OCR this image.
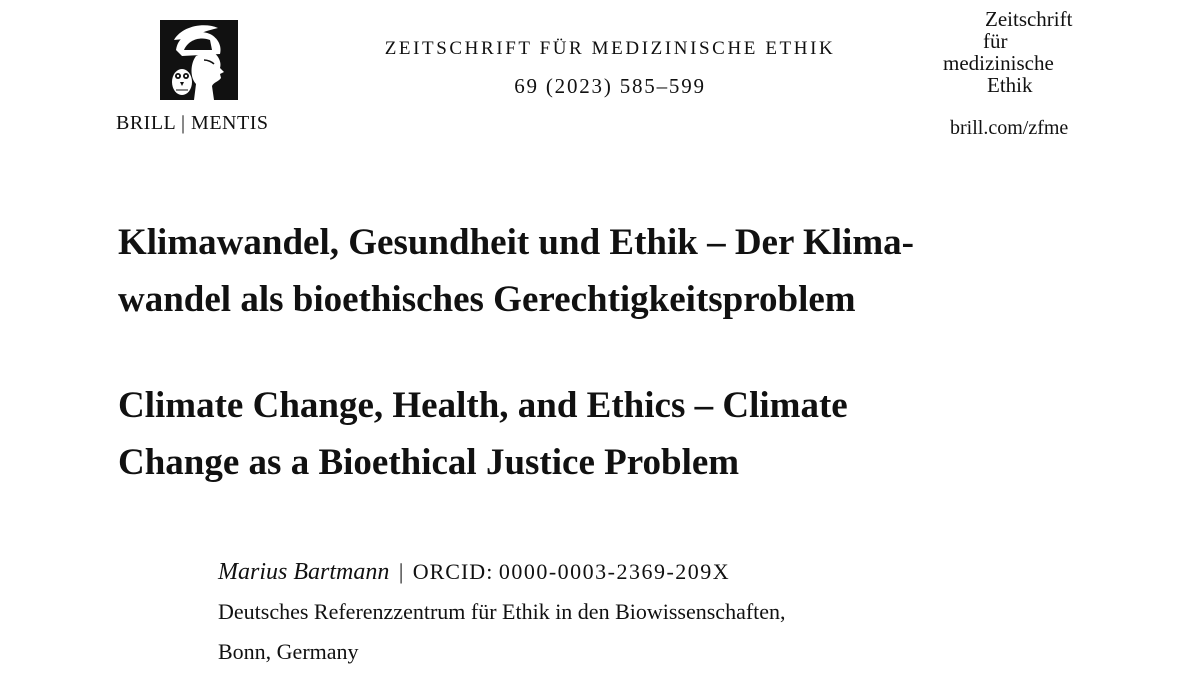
BRILL | MENTIS
ZEITSCHRIFT FÜR MEDIZINISCHE ETHIK
69 (2023) 585–599
Zeitschrift
für
medizinische
Ethik
brill.com/zfme
Klimawandel, Gesundheit und Ethik – Der Klima-
wandel als bioethisches Gerechtigkeitsproblem
Climate Change, Health, and Ethics – Climate
Change as a Bioethical Justice Problem
Marius Bartmann | ORCID: 0000-0003-2369-209X
Deutsches Referenzzentrum für Ethik in den Biowissenschaften,
Bonn, Germany
